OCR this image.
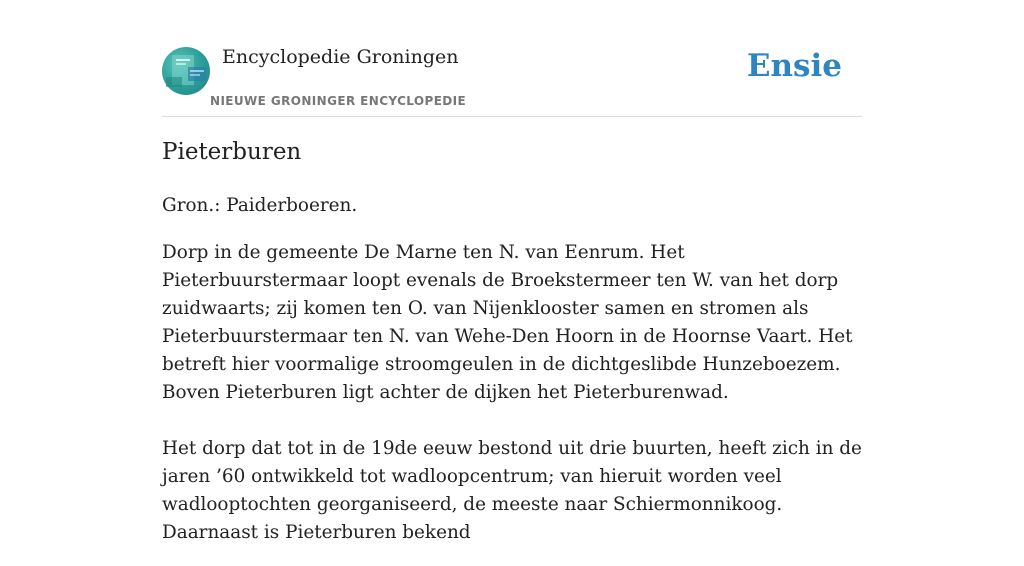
Encyclopedie Groningen
NIEUWE GRONINGER ENCYCLOPEDIE
Ensie
Pieterburen

Gron.: Paiderboeren.

Dorp in de gemeente De Marne ten N. van Eenrum. Het Pieterbuurstermaar loopt evenals de Broekstermeer ten W. van het dorp zuidwaarts; zij komen ten O. van Nijenklooster samen en stromen als Pieterbuurstermaar ten N. van Wehe-Den Hoorn in de Hoornse Vaart. Het betreft hier voormalige stroomgeulen in de dichtgeslibde Hunzeboezem. Boven Pieterburen ligt achter de dijken het Pieterburenwad.

Het dorp dat tot in de 19de eeuw bestond uit drie buurten, heeft zich in de jaren ’60 ontwikkeld tot wadloopcentrum; van hieruit worden veel wadlooptochten georganiseerd, de meeste naar Schiermonnikoog. Daarnaast is Pieterburen bekend
